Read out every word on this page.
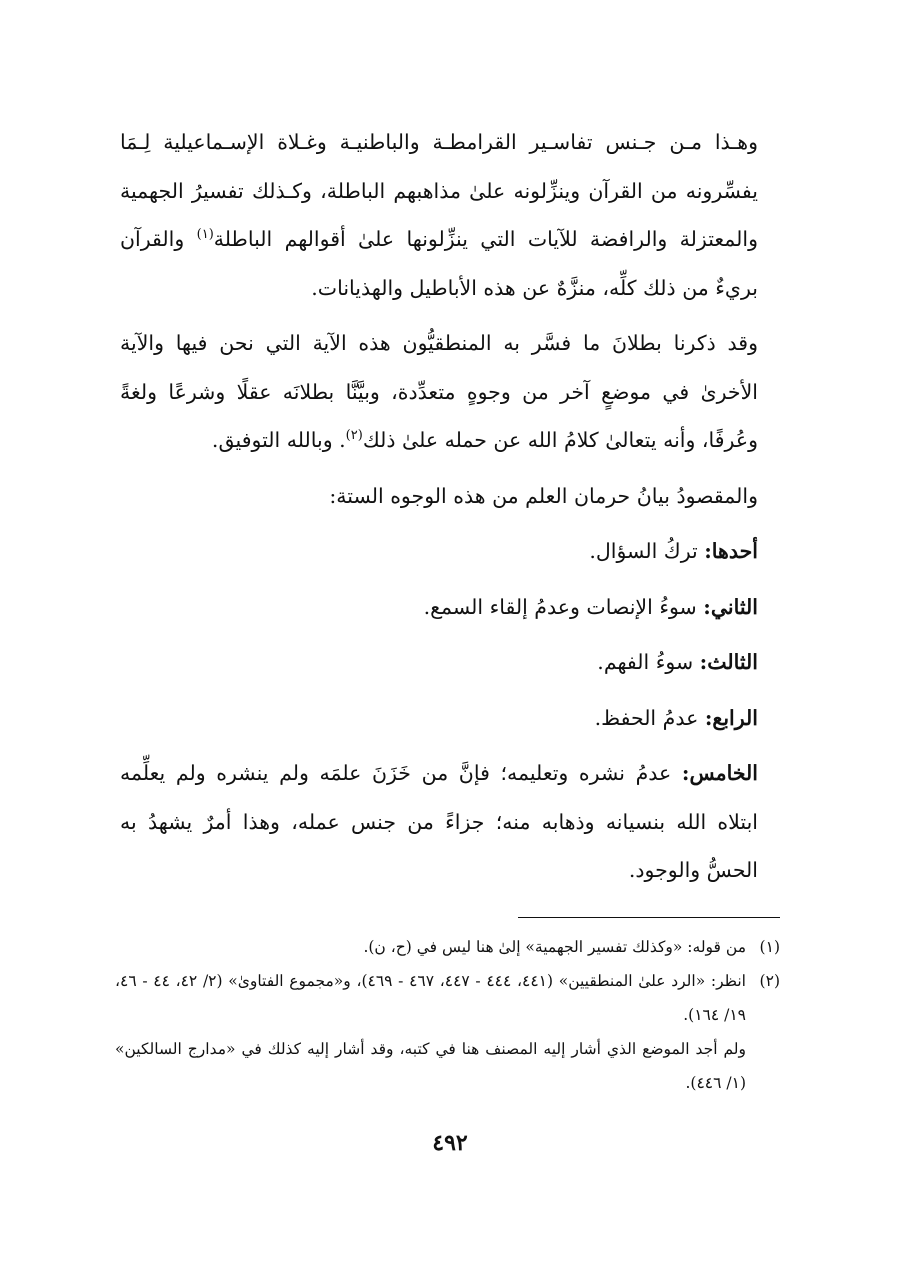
وهـذا مـن جـنس تفاسـير القرامطـة والباطنيـة وغـلاة الإسـماعيلية لِـمَا يفسِّرونه من القرآن وينزِّلونه علىٰ مذاهبهم الباطلة، وكـذلك تفسيرُ الجهمية والمعتزلة والرافضة للآيات التي ينزِّلونها علىٰ أقوالهم الباطلة$^{(١)}$ والقرآن بريءٌ من ذلك كلِّه، منزَّهٌ عن هذه الأباطيل والهذيانات.

وقد ذكرنا بطلانَ ما فسَّر به المنطقيُّون هذه الآية التي نحن فيها والآية الأخرىٰ في موضعٍ آخر من وجوهٍ متعدِّدة، وبيَّنَّا بطلانَه عقلًا وشرعًا ولغةً وعُرفًا، وأنه يتعالىٰ كلامُ الله عن حمله علىٰ ذلك$^{(٢)}$. وبالله التوفيق.

والمقصودُ بيانُ حرمان العلم من هذه الوجوه الستة:

أحدها: تركُ السؤال.

الثاني: سوءُ الإنصات وعدمُ إلقاء السمع.

الثالث: سوءُ الفهم.

الرابع: عدمُ الحفظ.

الخامس: عدمُ نشره وتعليمه؛ فإنَّ من خَزَنَ علمَه ولم ينشره ولم يعلِّمه ابتلاه الله بنسيانه وذهابه منه؛ جزاءً من جنس عمله، وهذا أمرٌ يشهدُ به الحسُّ والوجود.

(١)
من قوله: «وكذلك تفسير الجهمية» إلىٰ هنا ليس في (ح، ن).
(٢)
انظر: «الرد علىٰ المنطقيين» (٤٤١، ٤٤٤ - ٤٤٧، ٤٦٧ - ٤٦٩)، و«مجموع الفتاوىٰ» (٢/ ٤٢، ٤٤ - ٤٦، ١٩/ ١٦٤).
ولم أجد الموضع الذي أشار إليه المصنف هنا في كتبه، وقد أشار إليه كذلك في «مدارج السالكين» (١/ ٤٤٦).
٤٩٢
